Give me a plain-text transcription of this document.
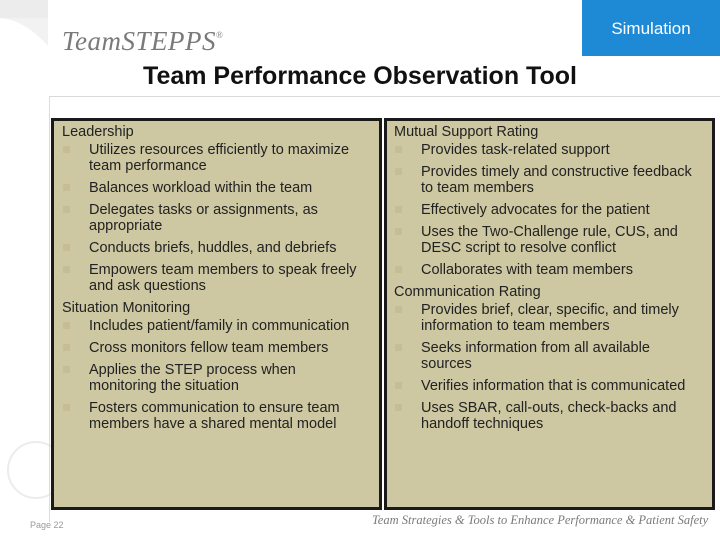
Simulation
TeamSTEPPS®
Team Performance Observation Tool
Leadership
Utilizes resources efficiently to maximize team performance
Balances workload within the team
Delegates tasks or assignments, as appropriate
Conducts briefs, huddles, and debriefs
Empowers team members to speak freely and ask questions
Situation Monitoring
Includes patient/family in communication
Cross monitors fellow team members
Applies the STEP process when monitoring the situation
Fosters communication to ensure team members have a shared mental model
Mutual Support Rating
Provides task-related support
Provides timely and constructive feedback to team members
Effectively advocates for the patient
Uses the Two-Challenge rule, CUS, and DESC script to resolve conflict
Collaborates with team members
Communication Rating
Provides brief, clear, specific, and timely information to team members
Seeks information from all available sources
Verifies information that is communicated
Uses SBAR, call-outs, check-backs and handoff techniques
Page 22	Team Strategies & Tools to Enhance Performance & Patient Safety
